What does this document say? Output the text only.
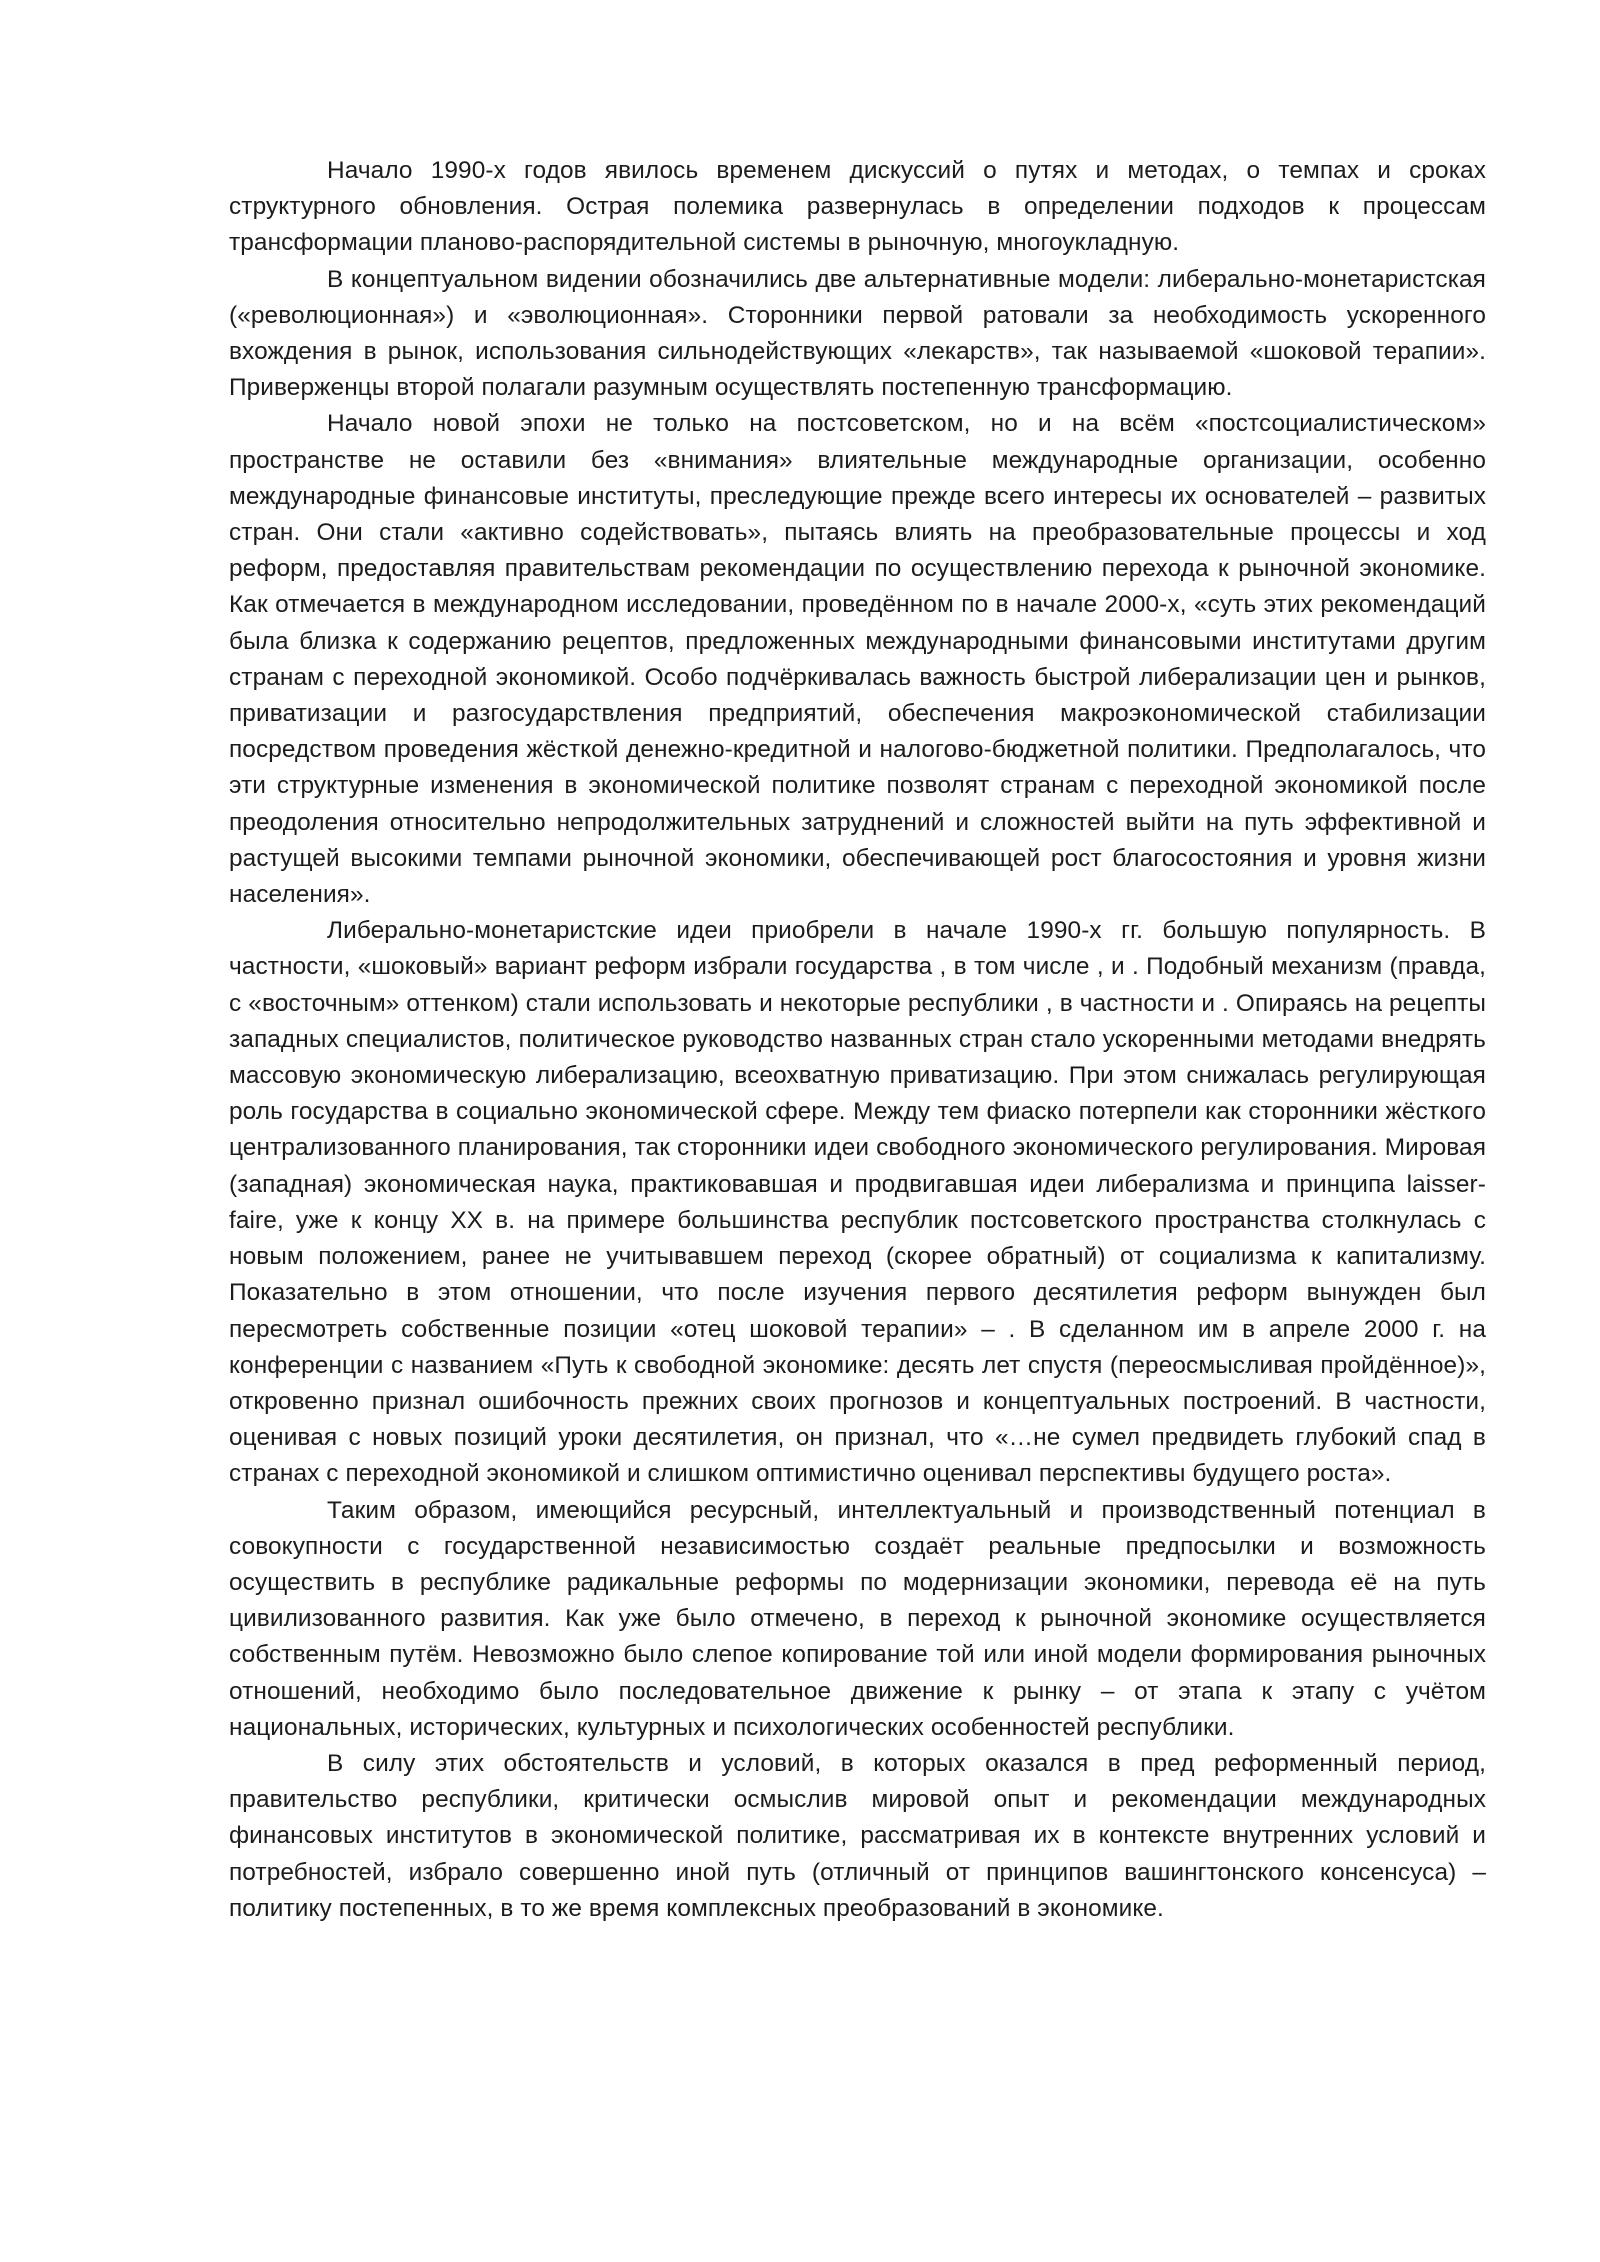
Начало 1990-х годов явилось временем дискуссий о путях и методах, о темпах и сроках структурного обновления. Острая полемика развернулась в определении подходов к процессам трансформации планово-распорядительной системы в рыночную, многоукладную.

В концептуальном видении обозначились две альтернативные модели: либерально-монетаристская («революционная») и «эволюционная». Сторонники первой ратовали за необходимость ускоренного вхождения в рынок, использования сильнодействующих «лекарств», так называемой «шоковой терапии». Приверженцы второй полагали разумным осуществлять постепенную трансформацию.

Начало новой эпохи не только на постсоветском, но и на всём «постсоциалистическом» пространстве не оставили без «внимания» влиятельные международные организации, особенно международные финансовые институты, преследующие прежде всего интересы их основателей – развитых стран. Они стали «активно содействовать», пытаясь влиять на преобразовательные процессы и ход реформ, предоставляя правительствам рекомендации по осуществлению перехода к рыночной экономике. Как отмечается в международном исследовании, проведённом по в начале 2000-х, «суть этих рекомендаций была близка к содержанию рецептов, предложенных международными финансовыми институтами другим странам с переходной экономикой. Особо подчёркивалась важность быстрой либерализации цен и рынков, приватизации и разгосударствления предприятий, обеспечения макроэкономической стабилизации посредством проведения жёсткой денежно-кредитной и налогово-бюджетной политики. Предполагалось, что эти структурные изменения в экономической политике позволят странам с переходной экономикой после преодоления относительно непродолжительных затруднений и сложностей выйти на путь эффективной и растущей высокими темпами рыночной экономики, обеспечивающей рост благосостояния и уровня жизни населения».

Либерально-монетаристские идеи приобрели в начале 1990-х гг. большую популярность. В частности, «шоковый» вариант реформ избрали государства , в том числе , и . Подобный механизм (правда, с «восточным» оттенком) стали использовать и некоторые республики , в частности и . Опираясь на рецепты западных специалистов, политическое руководство названных стран стало ускоренными методами внедрять массовую экономическую либерализацию, всеохватную приватизацию. При этом снижалась регулирующая роль государства в социально экономической сфере. Между тем фиаско потерпели как сторонники жёсткого централизованного планирования, так сторонники идеи свободного экономического регулирования. Мировая (западная) экономическая наука, практиковавшая и продвигавшая идеи либерализма и принципа laisser-faire, уже к концу XX в. на примере большинства республик постсоветского пространства столкнулась с новым положением, ранее не учитывавшем переход (скорее обратный) от социализма к капитализму. Показательно в этом отношении, что после изучения первого десятилетия реформ вынужден был пересмотреть собственные позиции «отец шоковой терапии» – . В сделанном им в апреле 2000 г. на конференции с названием «Путь к свободной экономике: десять лет спустя (переосмысливая пройдённое)», откровенно признал ошибочность прежних своих прогнозов и концептуальных построений. В частности, оценивая с новых позиций уроки десятилетия, он признал, что «…не сумел предвидеть глубокий спад в странах с переходной экономикой и слишком оптимистично оценивал перспективы будущего роста».

Таким образом, имеющийся ресурсный, интеллектуальный и производственный потенциал в совокупности с государственной независимостью создаёт реальные предпосылки и возможность осуществить в республике радикальные реформы по модернизации экономики, перевода её на путь цивилизованного развития. Как уже было отмечено, в переход к рыночной экономике осуществляется собственным путём. Невозможно было слепое копирование той или иной модели формирования рыночных отношений, необходимо было последовательное движение к рынку – от этапа к этапу с учётом национальных, исторических, культурных и психологических особенностей республики.

В силу этих обстоятельств и условий, в которых оказался в пред реформенный период, правительство республики, критически осмыслив мировой опыт и рекомендации международных финансовых институтов в экономической политике, рассматривая их в контексте внутренних условий и потребностей, избрало совершенно иной путь (отличный от принципов вашингтонского консенсуса) – политику постепенных, в то же время комплексных преобразований в экономике.
